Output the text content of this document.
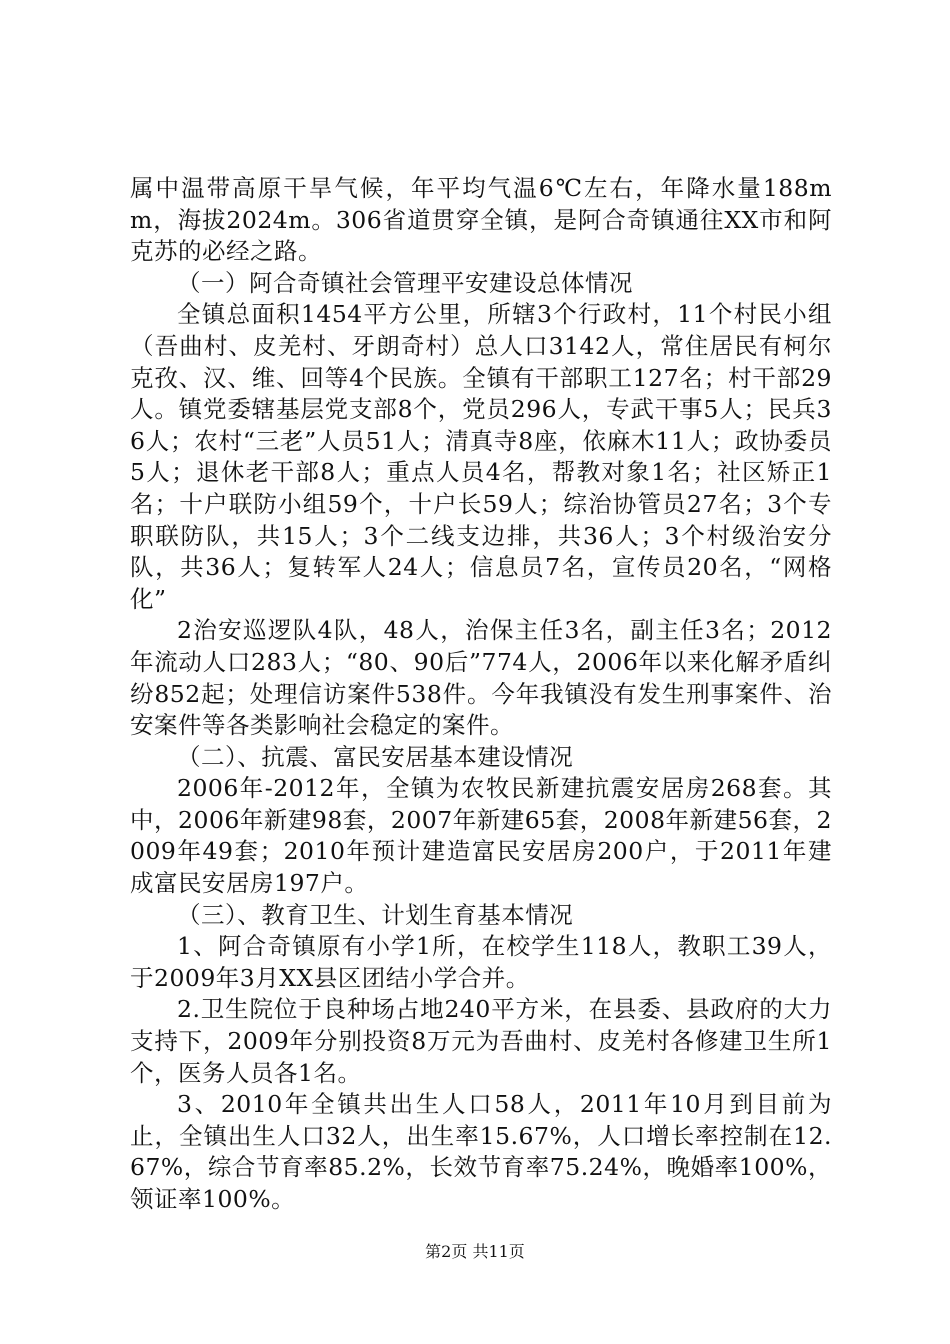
属中温带高原干旱气候，年平均气温6℃左右，年降水量188mm，海拔2024m。306省道贯穿全镇，是阿合奇镇通往XX市和阿克苏的必经之路。

（一）阿合奇镇社会管理平安建设总体情况

全镇总面积1454平方公里，所辖3个行政村，11个村民小组（吾曲村、皮羌村、牙朗奇村）总人口3142人，常住居民有柯尔克孜、汉、维、回等4个民族。全镇有干部职工127名；村干部29人。镇党委辖基层党支部8个，党员296人，专武干事5人；民兵36人；农村“三老”人员51人；清真寺8座，依麻木11人；政协委员5人；退休老干部8人；重点人员4名，帮教对象1名；社区矫正1名；十户联防小组59个，十户长59人；综治协管员27名；3个专职联防队，共15人；3个二线支边排，共36人；3个村级治安分队，共36人；复转军人24人；信息员7名，宣传员20名，“网格化”

2治安巡逻队4队，48人，治保主任3名，副主任3名；2012年流动人口283人；“80、90后”774人，2006年以来化解矛盾纠纷852起；处理信访案件538件。今年我镇没有发生刑事案件、治安案件等各类影响社会稳定的案件。

（二）、抗震、富民安居基本建设情况

2006年-2012年，全镇为农牧民新建抗震安居房268套。其中，2006年新建98套，2007年新建65套，2008年新建56套，2009年49套；2010年预计建造富民安居房200户，于2011年建成富民安居房197户。

（三）、教育卫生、计划生育基本情况

1、阿合奇镇原有小学1所，在校学生118人，教职工39人，于2009年3月XX县区团结小学合并。

2.卫生院位于良种场占地240平方米，在县委、县政府的大力支持下，2009年分别投资8万元为吾曲村、皮羌村各修建卫生所1个，医务人员各1名。

3、2010年全镇共出生人口58人，2011年10月到目前为止，全镇出生人口32人，出生率15.67%，人口增长率控制在12.67%，综合节育率85.2%，长效节育率75.24%，晚婚率100%，领证率100%。

第2页 共11页
